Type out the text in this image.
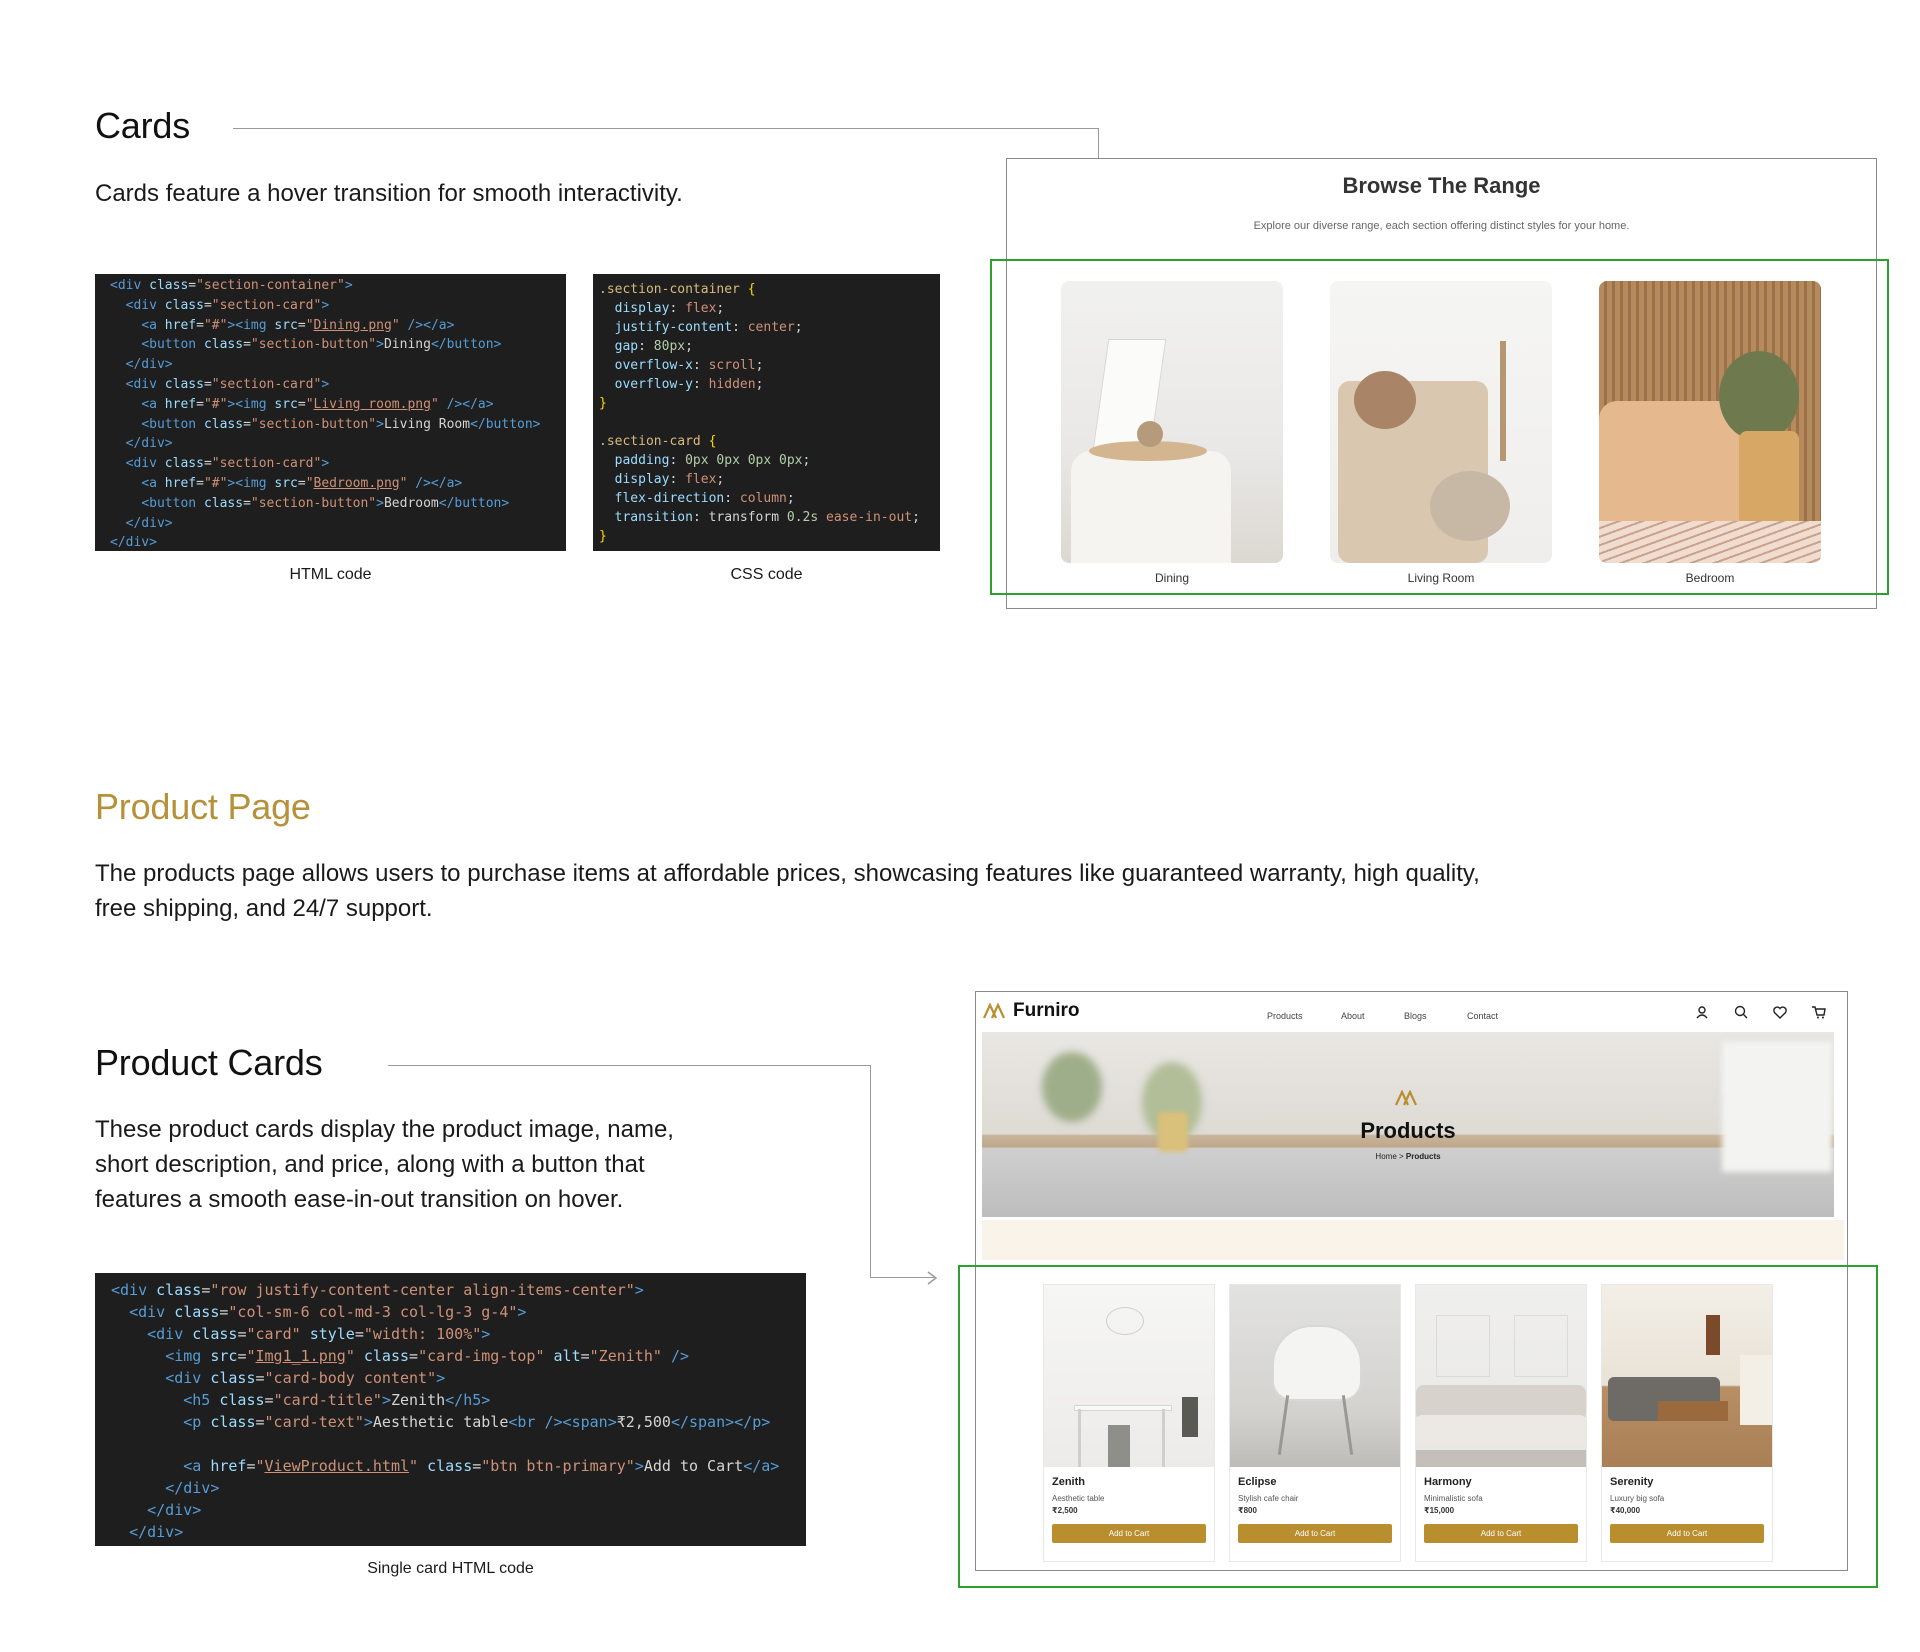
Cards
Cards feature a hover transition for smooth interactivity.
<div class="section-container">
<div class="section-card">
<a href="#"><img src="Dining.png" /></a>
<button class="section-button">Dining</button>
</div>
<div class="section-card">
<a href="#"><img src="Living room.png" /></a>
<button class="section-button">Living Room</button>
</div>
<div class="section-card">
<a href="#"><img src="Bedroom.png" /></a>
<button class="section-button">Bedroom</button>
</div>
</div>
HTML code
.section-container {
display: flex;
justify-content: center;
gap: 80px;
overflow-x: scroll;
overflow-y: hidden;
}

.section-card {
padding: 0px 0px 0px 0px;
display: flex;
flex-direction: column;
transition: transform 0.2s ease-in-out;
}
CSS code
Browse The Range
Explore our diverse range, each section offering distinct styles for your home.
Dining	Living Room	Bedroom
Product Page
The products page allows users to purchase items at affordable prices, showcasing features like guaranteed warranty, high quality,
free shipping, and 24/7 support.
Product Cards
These product cards display the product image, name,
short description, and price, along with a button that
features a smooth ease-in-out transition on hover.
<div class="row justify-content-center align-items-center">
<div class="col-sm-6 col-md-3 col-lg-3 g-4">
<div class="card" style="width: 100%">
<img src="Img1_1.png" class="card-img-top" alt="Zenith" />
<div class="card-body content">
<h5 class="card-title">Zenith</h5>
<p class="card-text">Aesthetic table<br /><span>₹2,500</span></p>

<a href="ViewProduct.html" class="btn btn-primary">Add to Cart</a>
</div>
</div>
</div>
Single card HTML code
Furniro	Products	About	Blogs	Contact
Products
Home > Products
Zenith
Aesthetic table
₹2,500
Add to Cart
Eclipse
Stylish cafe chair
₹800
Add to Cart
Harmony
Minimalistic sofa
₹15,000
Add to Cart
Serenity
Luxury big sofa
₹40,000
Add to Cart
